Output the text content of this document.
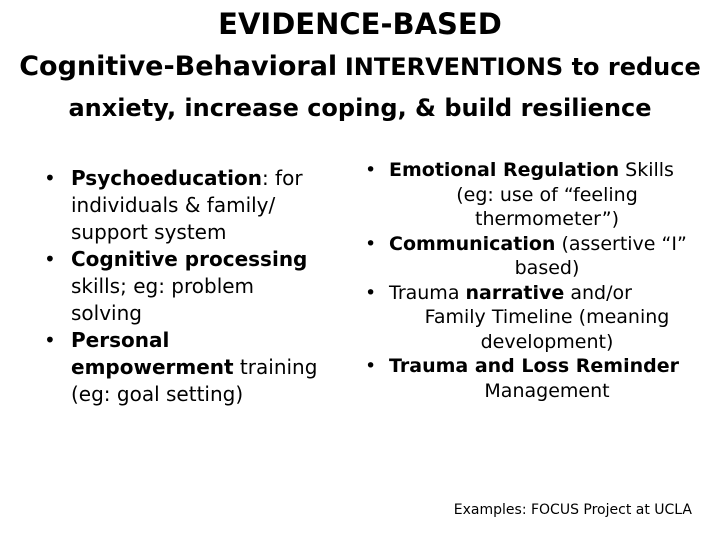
EVIDENCE-BASED
Cognitive-Behavioral INTERVENTIONS to reduce
anxiety, increase coping, & build resilience
• Psychoeducation: for
individuals & family/
support system
• Cognitive processing
skills; eg: problem
solving
• Personal
empowerment training
(eg: goal setting)
• Emotional Regulation Skills
(eg: use of “feeling
thermometer”)
• Communication (assertive “I”
based)
• Trauma narrative and/or
Family Timeline (meaning
development)
• Trauma and Loss Reminder
Management
Examples: FOCUS Project at UCLA
